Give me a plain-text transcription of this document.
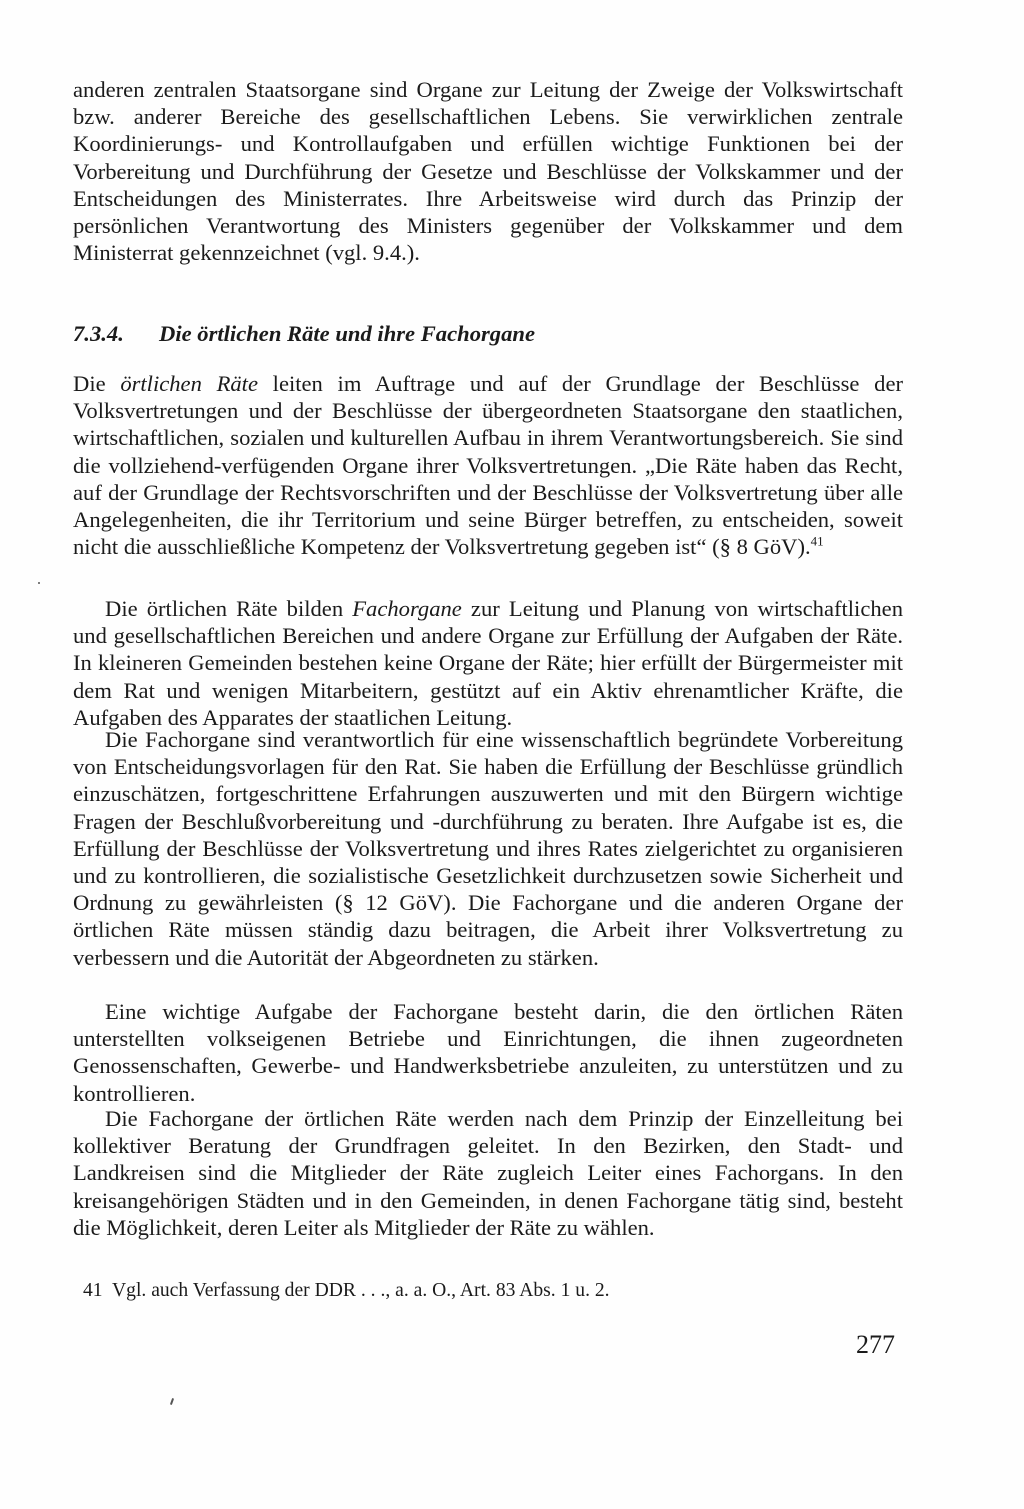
anderen zentralen Staatsorgane sind Organe zur Leitung der Zweige der Volkswirtschaft bzw. anderer Bereiche des gesellschaftlichen Lebens. Sie verwirklichen zentrale Koordinierungs- und Kontrollaufgaben und erfüllen wichtige Funktionen bei der Vorbereitung und Durchführung der Gesetze und Beschlüsse der Volkskammer und der Entscheidungen des Ministerrates. Ihre Arbeitsweise wird durch das Prinzip der persönlichen Verantwortung des Ministers gegenüber der Volkskammer und dem Ministerrat gekennzeichnet (vgl. 9.4.).

7.3.4. Die örtlichen Räte und ihre Fachorgane

Die örtlichen Räte leiten im Auftrage und auf der Grundlage der Beschlüsse der Volksvertretungen und der Beschlüsse der übergeordneten Staatsorgane den staatlichen, wirtschaftlichen, sozialen und kulturellen Aufbau in ihrem Verantwortungsbereich. Sie sind die vollziehend-verfügenden Organe ihrer Volksvertretungen. „Die Räte haben das Recht, auf der Grundlage der Rechtsvorschriften und der Beschlüsse der Volksvertretung über alle Angelegenheiten, die ihr Territorium und seine Bürger betreffen, zu entscheiden, soweit nicht die ausschließliche Kompetenz der Volksvertretung gegeben ist“ (§ 8 GöV).$^{41}$

Die örtlichen Räte bilden Fachorgane zur Leitung und Planung von wirtschaftlichen und gesellschaftlichen Bereichen und andere Organe zur Erfüllung der Aufgaben der Räte. In kleineren Gemeinden bestehen keine Organe der Räte; hier erfüllt der Bürgermeister mit dem Rat und wenigen Mitarbeitern, gestützt auf ein Aktiv ehrenamtlicher Kräfte, die Aufgaben des Apparates der staatlichen Leitung.

Die Fachorgane sind verantwortlich für eine wissenschaftlich begründete Vorbereitung von Entscheidungsvorlagen für den Rat. Sie haben die Erfüllung der Beschlüsse gründlich einzuschätzen, fortgeschrittene Erfahrungen auszuwerten und mit den Bürgern wichtige Fragen der Beschlußvorbereitung und -durchführung zu beraten. Ihre Aufgabe ist es, die Erfüllung der Beschlüsse der Volksvertretung und ihres Rates zielgerichtet zu organisieren und zu kontrollieren, die sozialistische Gesetzlichkeit durchzusetzen sowie Sicherheit und Ordnung zu gewährleisten (§ 12 GöV). Die Fachorgane und die anderen Organe der örtlichen Räte müssen ständig dazu beitragen, die Arbeit ihrer Volksvertretung zu verbessern und die Autorität der Abgeordneten zu stärken.

Eine wichtige Aufgabe der Fachorgane besteht darin, die den örtlichen Räten unterstellten volkseigenen Betriebe und Einrichtungen, die ihnen zugeordneten Genossenschaften, Gewerbe- und Handwerksbetriebe anzuleiten, zu unterstützen und zu kontrollieren.

Die Fachorgane der örtlichen Räte werden nach dem Prinzip der Einzelleitung bei kollektiver Beratung der Grundfragen geleitet. In den Bezirken, den Stadt- und Landkreisen sind die Mitglieder der Räte zugleich Leiter eines Fachorgans. In den kreisangehörigen Städten und in den Gemeinden, in denen Fachorgane tätig sind, besteht die Möglichkeit, deren Leiter als Mitglieder der Räte zu wählen.

41 Vgl. auch Verfassung der DDR . . ., a. a. O., Art. 83 Abs. 1 u. 2.

277
